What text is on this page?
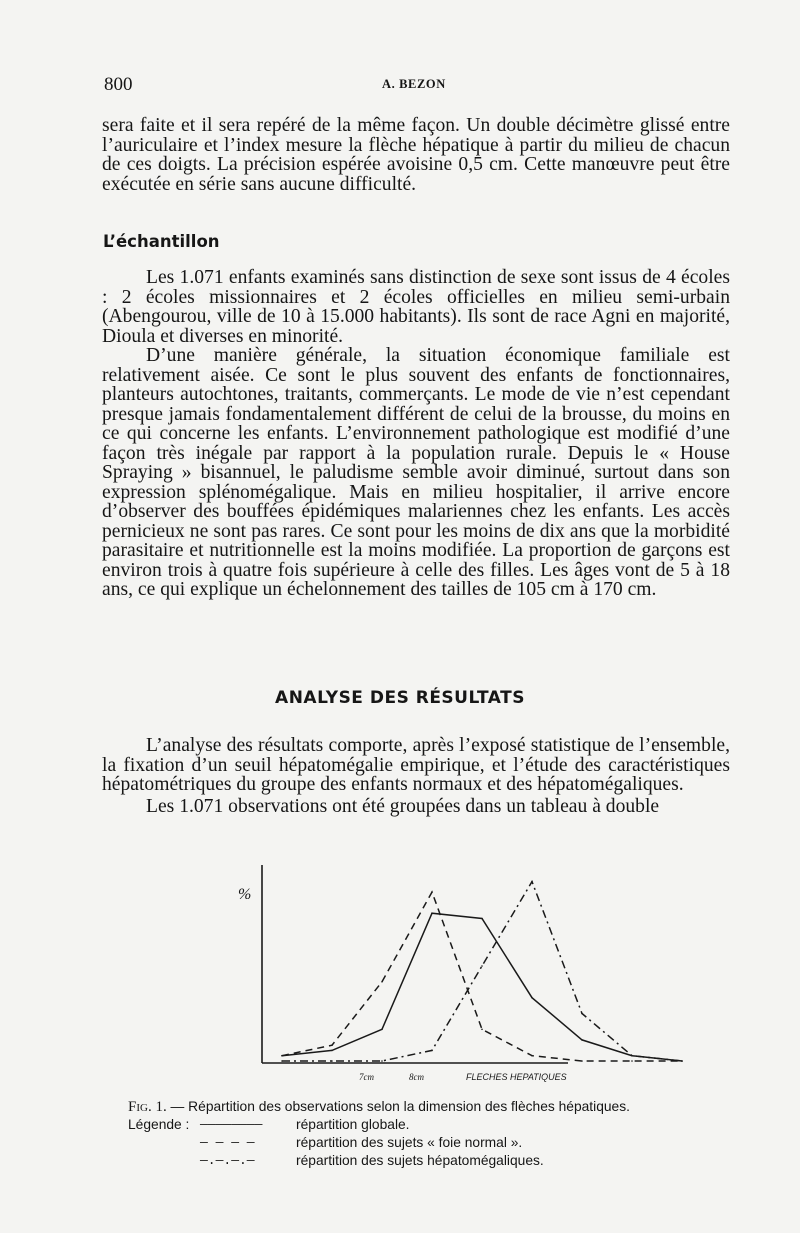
800	A. BEZON

sera faite et il sera repéré de la même façon. Un double décimètre glissé entre l’auriculaire et l’index mesure la flèche hépatique à partir du milieu de chacun de ces doigts. La précision espérée avoisine 0,5 cm. Cette manœuvre peut être exécutée en série sans aucune difficulté.

L’échantillon

Les 1.071 enfants examinés sans distinction de sexe sont issus de 4 écoles : 2 écoles missionnaires et 2 écoles officielles en milieu semi-urbain (Abengourou, ville de 10 à 15.000 habitants). Ils sont de race Agni en majorité, Dioula et diverses en minorité.

D’une manière générale, la situation économique familiale est relativement aisée. Ce sont le plus souvent des enfants de fonctionnaires, planteurs autochtones, traitants, commerçants. Le mode de vie n’est cependant presque jamais fondamentalement différent de celui de la brousse, du moins en ce qui concerne les enfants. L’environnement pathologique est modifié d’une façon très inégale par rapport à la population rurale. Depuis le « House Spraying » bisannuel, le paludisme semble avoir diminué, surtout dans son expression splénomégalique. Mais en milieu hospitalier, il arrive encore d’observer des bouffées épidémiques malariennes chez les enfants. Les accès pernicieux ne sont pas rares. Ce sont pour les moins de dix ans que la morbidité parasitaire et nutritionnelle est la moins modifiée. La proportion de garçons est environ trois à quatre fois supérieure à celle des filles. Les âges vont de 5 à 18 ans, ce qui explique un échelonnement des tailles de 105 cm à 170 cm.

ANALYSE DES RÉSULTATS

L’analyse des résultats comporte, après l’exposé statistique de l’ensemble, la fixation d’un seuil hépatomégalie empirique, et l’étude des caractéristiques hépatométriques du groupe des enfants normaux et des hépatomégaliques.

Les 1.071 observations ont été groupées dans un tableau à double

%
7cm	8cm	FLECHES HEPATIQUES
Fig. 1. — Répartition des observations selon la dimension des flèches hépatiques.
Légende : ————————	répartition globale.
— — — —	répartition des sujets « foie normal ».
—.—.—.—	répartition des sujets hépatomégaliques.
